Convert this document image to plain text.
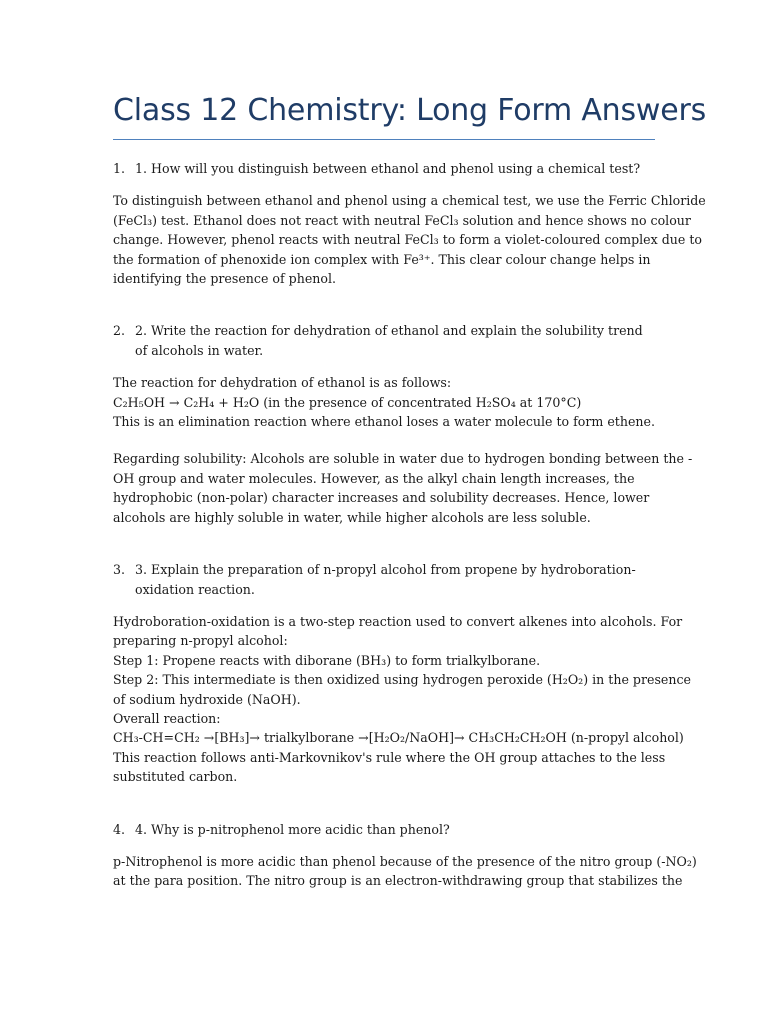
Class 12 Chemistry: Long Form Answers
1. 1. How will you distinguish between ethanol and phenol using a chemical test?
To distinguish between ethanol and phenol using a chemical test, we use the Ferric Chloride
(FeCl₃) test. Ethanol does not react with neutral FeCl₃ solution and hence shows no colour
change. However, phenol reacts with neutral FeCl₃ to form a violet-coloured complex due to
the formation of phenoxide ion complex with Fe³⁺. This clear colour change helps in
identifying the presence of phenol.
2. 2. Write the reaction for dehydration of ethanol and explain the solubility trend of alcohols in water.
The reaction for dehydration of ethanol is as follows:
C₂H₅OH → C₂H₄ + H₂O (in the presence of concentrated H₂SO₄ at 170°C)
This is an elimination reaction where ethanol loses a water molecule to form ethene.
Regarding solubility: Alcohols are soluble in water due to hydrogen bonding between the -
OH group and water molecules. However, as the alkyl chain length increases, the
hydrophobic (non-polar) character increases and solubility decreases. Hence, lower
alcohols are highly soluble in water, while higher alcohols are less soluble.
3. 3. Explain the preparation of n-propyl alcohol from propene by hydroboration-oxidation reaction.
Hydroboration-oxidation is a two-step reaction used to convert alkenes into alcohols. For
preparing n-propyl alcohol:
Step 1: Propene reacts with diborane (BH₃) to form trialkylborane.
Step 2: This intermediate is then oxidized using hydrogen peroxide (H₂O₂) in the presence
of sodium hydroxide (NaOH).
Overall reaction:
CH₃-CH=CH₂ →[BH₃]→ trialkylborane →[H₂O₂/NaOH]→ CH₃CH₂CH₂OH (n-propyl alcohol)
This reaction follows anti-Markovnikov's rule where the OH group attaches to the less
substituted carbon.
4. 4. Why is p-nitrophenol more acidic than phenol?
p-Nitrophenol is more acidic than phenol because of the presence of the nitro group (-NO₂)
at the para position. The nitro group is an electron-withdrawing group that stabilizes the
